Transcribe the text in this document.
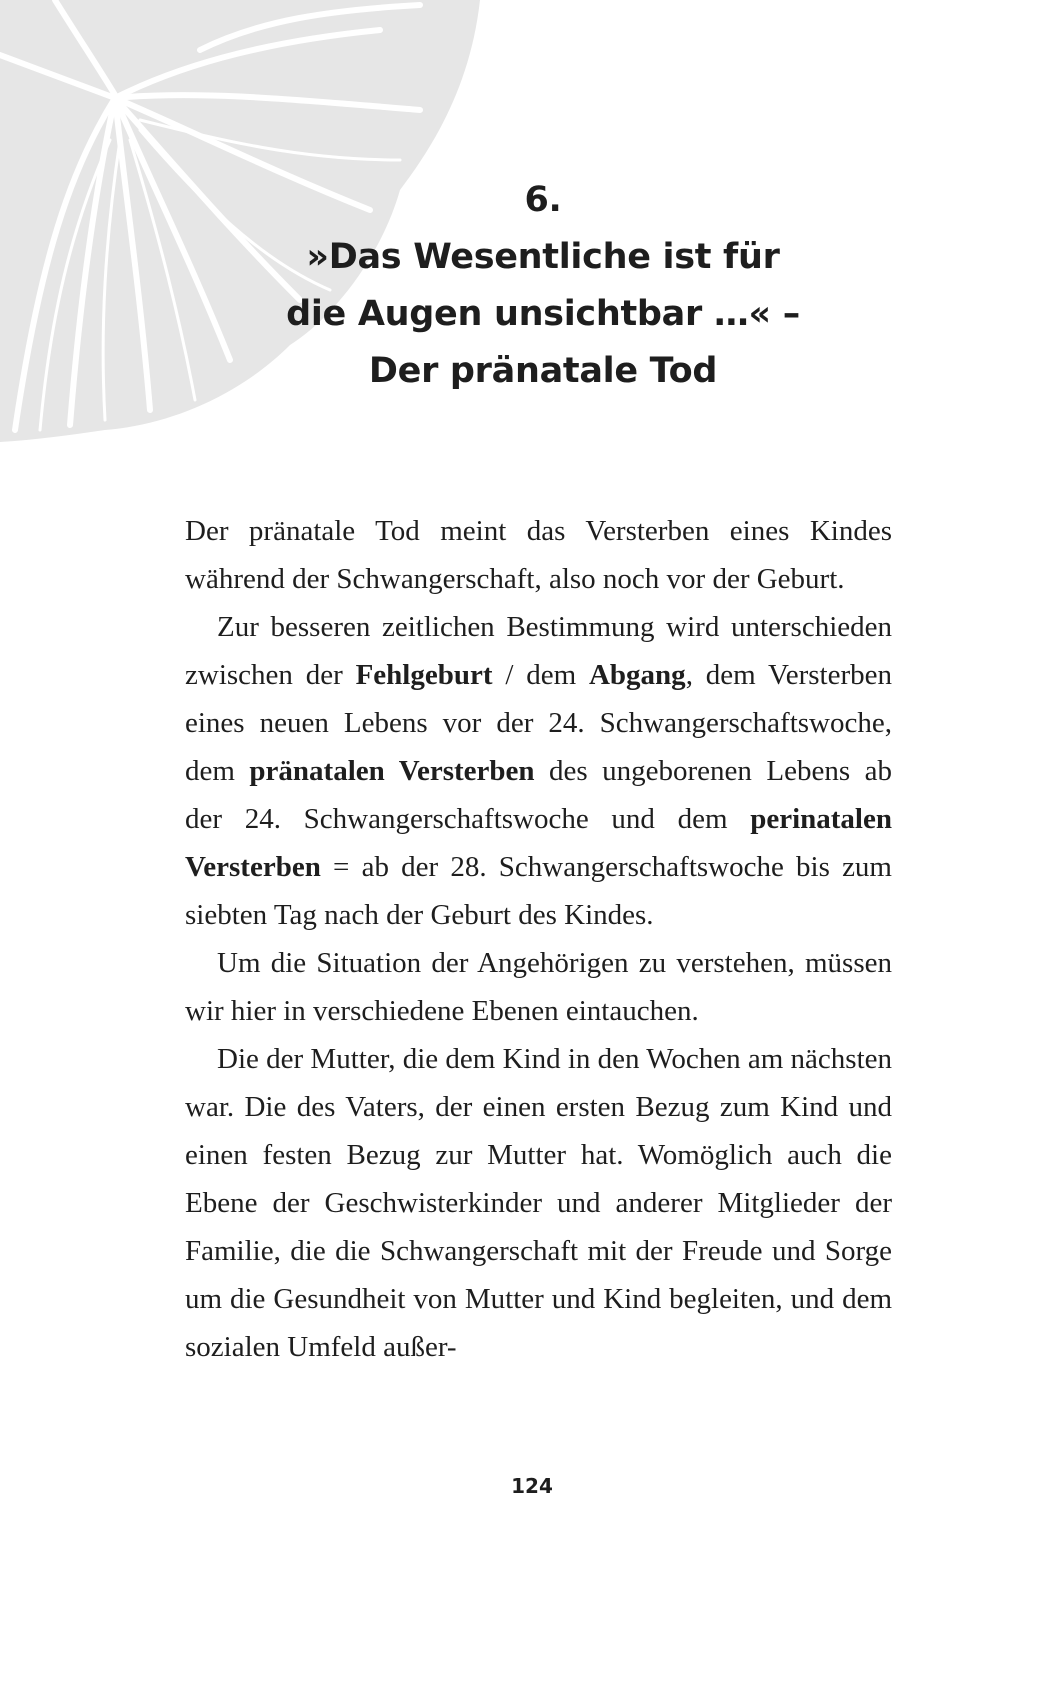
6.
»Das Wesentliche ist für
die Augen unsichtbar …« –
Der pränatale Tod

Der pränatale Tod meint das Versterben eines Kindes während der Schwangerschaft, also noch vor der Geburt.

Zur besseren zeitlichen Bestimmung wird unterschieden zwischen der Fehlgeburt / dem Abgang, dem Versterben eines neuen Lebens vor der 24. Schwangerschaftswoche, dem pränatalen Versterben des ungeborenen Lebens ab der 24. Schwangerschaftswoche und dem perinatalen Versterben = ab der 28. Schwangerschaftswoche bis zum siebten Tag nach der Geburt des Kindes.

Um die Situation der Angehörigen zu verstehen, müssen wir hier in verschiedene Ebenen eintauchen.

Die der Mutter, die dem Kind in den Wochen am nächsten war. Die des Vaters, der einen ersten Bezug zum Kind und einen festen Bezug zur Mutter hat. Womöglich auch die Ebene der Geschwisterkinder und anderer Mitglieder der Familie, die die Schwangerschaft mit der Freude und Sorge um die Gesundheit von Mutter und Kind begleiten, und dem sozialen Umfeld außer-

124
